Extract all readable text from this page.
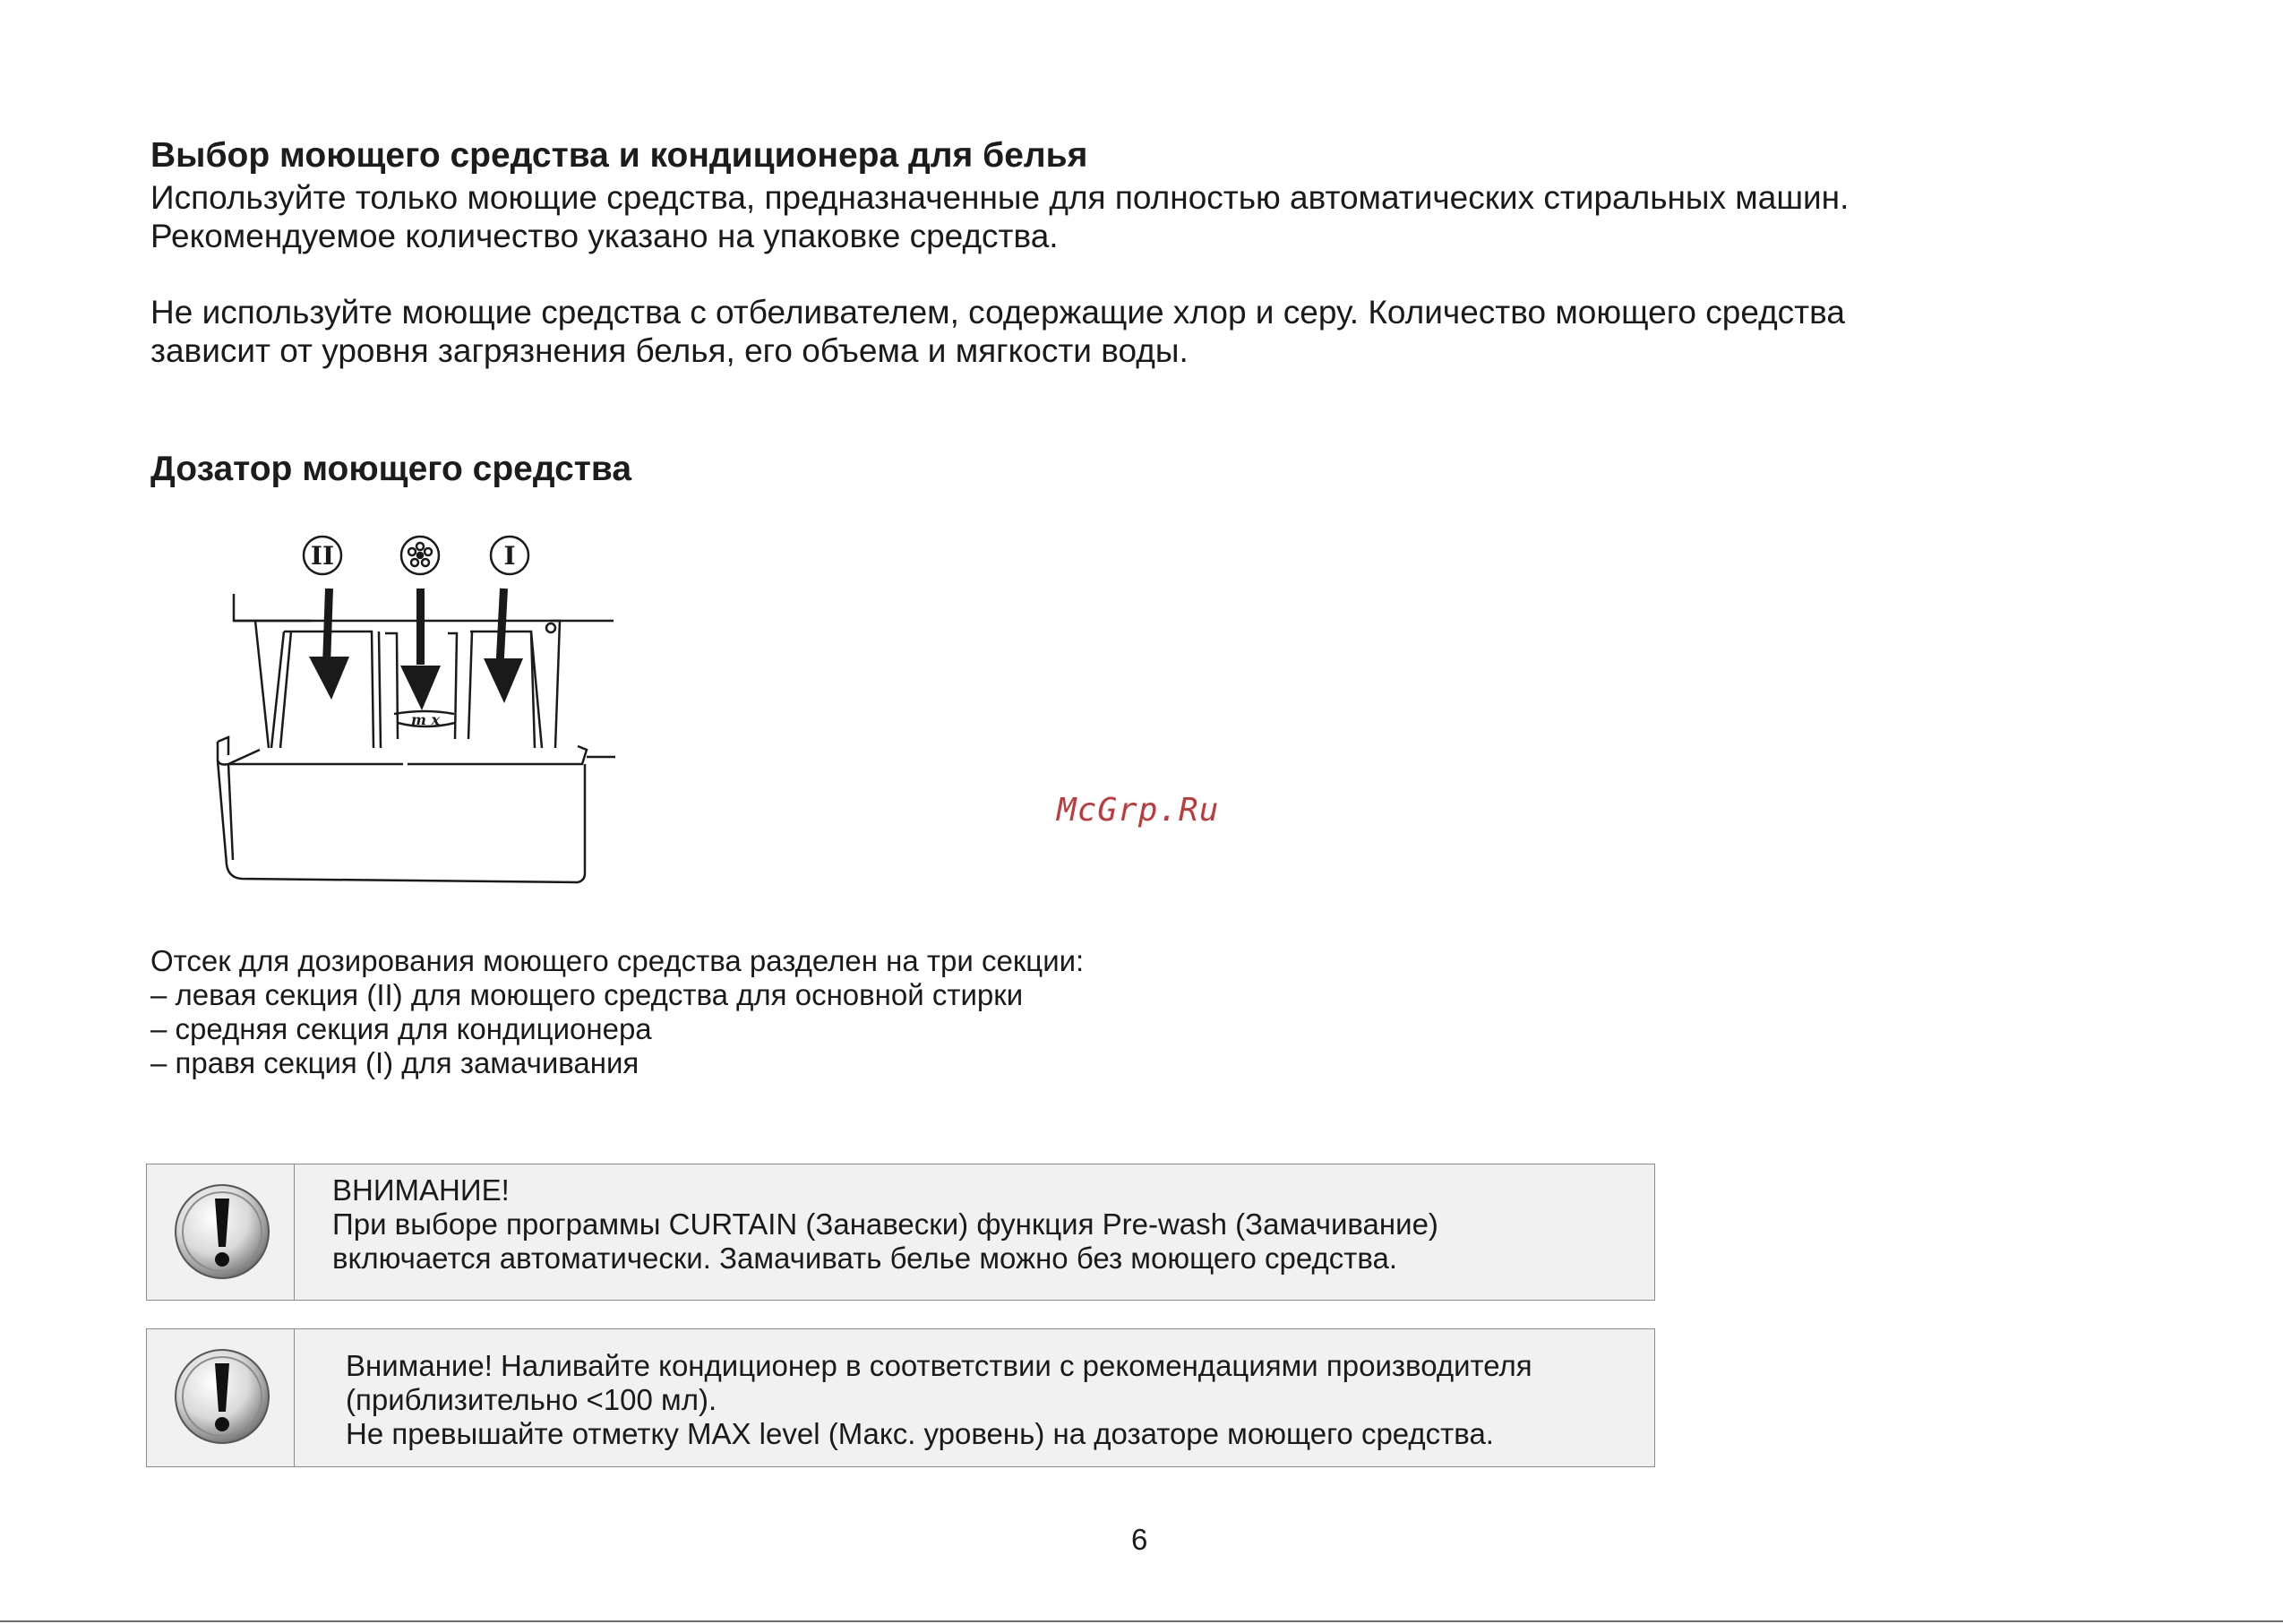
Выбор моющего средства и кондиционера для белья
Используйте только моющие средства, предназначенные для полностью автоматических стиральных машин.
Рекомендуемое количество указано на упаковке средства.
Не используйте моющие средства с отбеливателем, содержащие хлор и серу. Количество моющего средства
зависит от уровня загрязнения белья, его объема и мягкости воды.
Дозатор моющего средства
II	I
m x
McGrp.Ru
Отсек для дозирования моющего средства разделен на три секции:
– левая секция (II) для моющего средства для основной стирки
– средняя секция для кондиционера
– правя секция (I) для замачивания
ВНИМАНИЕ!
При выборе программы CURTAIN (Занавески) функция Pre-wash (Замачивание)
включается автоматически. Замачивать белье можно без моющего средства.
Внимание! Наливайте кондиционер в соответствии с рекомендациями производителя
(приблизительно <100 мл).
Не превышайте отметку MAX level (Макс. уровень) на дозаторе моющего средства.
6
